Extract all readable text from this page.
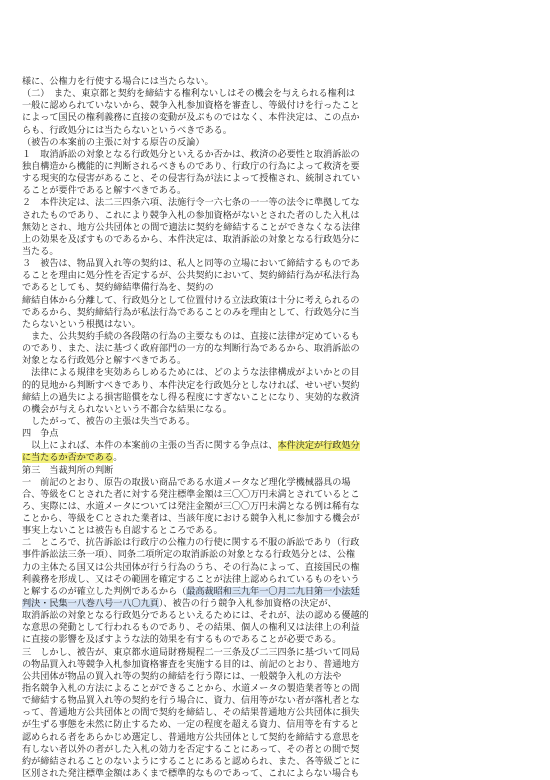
様に、公権力を行使する場合には当たらない。
（二）　また、東京都と契約を締結する権利ないしはその機会を与えられる権利は
一般に認められていないから、競争入札参加資格を審査し、等級付けを行ったこと
によって国民の権利義務に直接の変動が及ぶものではなく、本件決定は、この点か
らも、行政処分には当たらないというべきである。
（被告の本案前の主張に対する原告の反論）
１　取消訴訟の対象となる行政処分といえるか否かは、救済の必要性と取消訴訟の
独自構造から機能的に判断されるべきものであり、行政庁の行為によって救済を要
する現実的な侵害があること、その侵害行為が法によって授権され、統制されてい
ることが要件であると解すべきである。
２　本件決定は、法二三四条六項、法施行令一六七条の一一等の法令に準拠してな
されたものであり、これにより競争入札の参加資格がないとされた者のした入札は
無効とされ、地方公共団体との間で適法に契約を締結することができなくなる法律
上の効果を及ぼすものであるから、本件決定は、取消訴訟の対象となる行政処分に
当たる。
３　被告は、物品買入れ等の契約は、私人と同等の立場において締結するものであ
ることを理由に処分性を否定するが、公共契約において、契約締結行為が私法行為
であるとしても、契約締結準備行為を、契約の
締結自体から分離して、行政処分として位置付ける立法政策は十分に考えられるの
であるから、契約締結行為が私法行為であることのみを理由として、行政処分に当
たらないという根拠はない。
　また、公共契約手続の各段階の行為の主要なものは、直接に法律が定めているも
のであり、また、法に基づく政府部門の一方的な判断行為であるから、取消訴訟の
対象となる行政処分と解すべきである。
　法律による規律を実効あらしめるためには、どのような法律構成がよいかとの目
的的見地から判断すべきであり、本件決定を行政処分としなければ、せいぜい契約
締結上の過失による損害賠償をなし得る程度にすぎないことになり、実効的な救済
の機会が与えられないという不都合な結果になる。
　したがって、被告の主張は失当である。
四　争点
　以上によれば、本件の本案前の主張の当否に関する争点は、本件決定が行政処分
に当たるか否かである。
第三　当裁判所の判断
一　前記のとおり、原告の取扱い商品である水道メータなど理化学機械器具の場
合、等級をＣとされた者に対する発注標準金額は三〇〇万円未満とされているとこ
ろ、実際には、水道メータについては発注金額が三〇〇万円未満となる例は稀有な
ことから、等級をＣとされた業者は、当該年度における競争入札に参加する機会が
事実上ないことは被告も自認するところである。
二　ところで、抗告訴訟は行政庁の公権力の行使に関する不服の訴訟であり（行政
事件訴訟法三条一項）、同条二項所定の取消訴訟の対象となる行政処分とは、公権
力の主体たる国又は公共団体が行う行為のうち、その行為によって、直接国民の権
利義務を形成し、又はその範囲を確定することが法律上認められているものをいう
と解するのが確立した判例であるから（最高裁昭和三九年一〇月二九日第一小法廷
判決・民集一八巻八号一八〇九頁）、被告の行う競争入札参加資格の決定が、
取消訴訟の対象となる行政処分であるといえるためには、それが、法の認める優越的
な意思の発動として行われるものであり、その結果、個人の権利又は法律上の利益
に直接の影響を及ぼすような法的効果を有するものであることが必要である。
三　しかし、被告が、東京都水道局財務規程二一三条及び二三四条に基づいて同局
の物品買入れ等競争入札参加資格審査を実施する目的は、前記のとおり、普通地方
公共団体が物品の買入れ等の契約の締結を行う際には、一般競争入札の方法や
指名競争入札の方法によることができることから、水道メータの製造業者等との間
で締結する物品買入れ等の契約を行う場合に、資力、信用等がない者が落札者とな
って、普通地方公共団体との間で契約を締結し、その結果普通地方公共団体に損失
が生ずる事態を未然に防止するため、一定の程度を超える資力、信用等を有すると
認められる者をあらかじめ選定し、普通地方公共団体として契約を締結する意思を
有しない者以外の者がした入札の効力を否定することにあって、その者との間で契
約が締結されることのないようにすることにあると認められ、また、各等級ごとに
区別された発注標準金額はあくまで標準的なものであって、これによらない場合も
